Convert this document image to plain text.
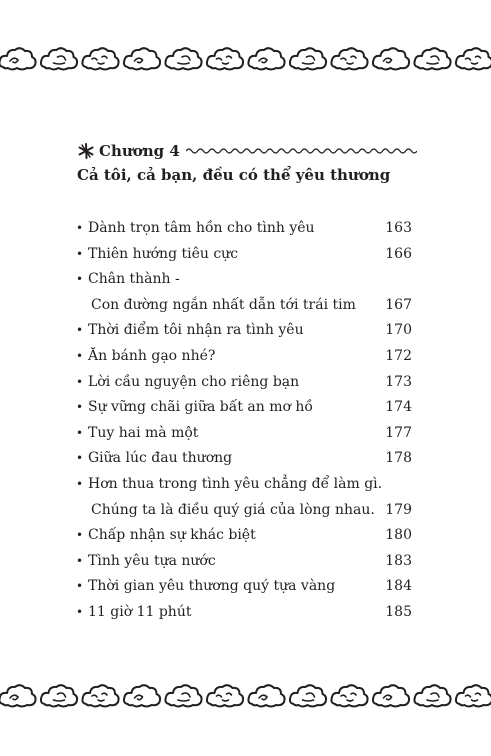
Chương 4
Cả tôi, cả bạn, đều có thể yêu thương
• Dành trọn tâm hồn cho tình yêu	163
• Thiên hướng tiêu cực	166
• Chân thành -
Con đường ngắn nhất dẫn tới trái tim	167
• Thời điểm tôi nhận ra tình yêu	170
• Ăn bánh gạo nhé?	172
• Lời cầu nguyện cho riêng bạn	173
• Sự vững chãi giữa bất an mơ hồ	174
• Tuy hai mà một	177
• Giữa lúc đau thương	178
• Hơn thua trong tình yêu chẳng để làm gì.
Chúng ta là điều quý giá của lòng nhau. 179
• Chấp nhận sự khác biệt	180
• Tình yêu tựa nước	183
• Thời gian yêu thương quý tựa vàng	184
• 11 giờ 11 phút	185
